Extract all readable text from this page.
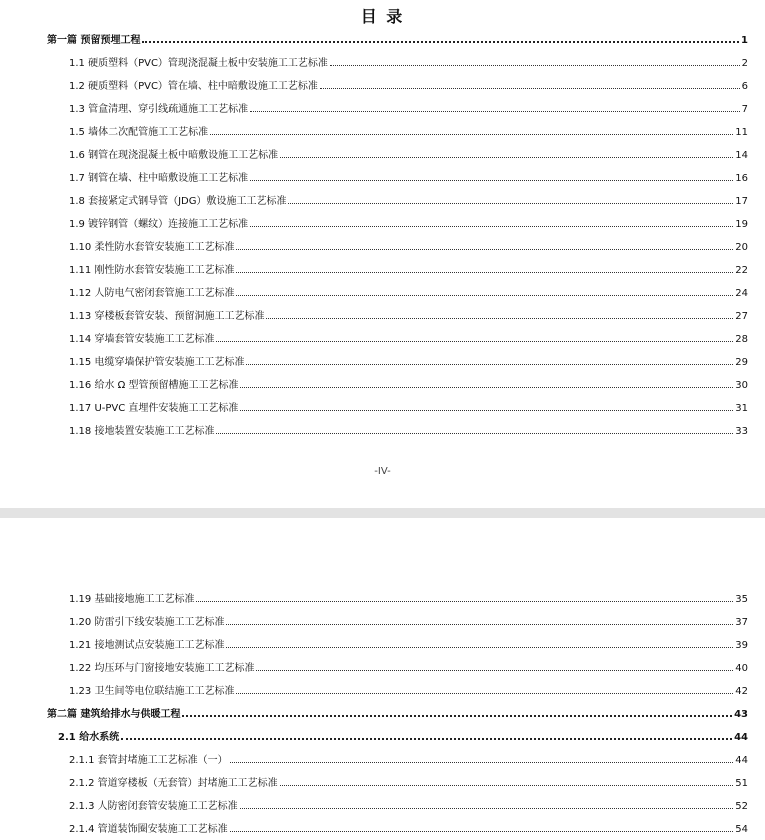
目 录
第一篇 预留预埋工程	1
1.1 硬质塑料（PVC）管现浇混凝土板中安装施工工艺标准	2
1.2 硬质塑料（PVC）管在墙、柱中暗敷设施工工艺标准	6
1.3 管盒清理、穿引线疏通施工工艺标准	7
1.5 墙体二次配管施工工艺标准	11
1.6 钢管在现浇混凝土板中暗敷设施工工艺标准	14
1.7 钢管在墙、柱中暗敷设施工工艺标准	16
1.8 套接紧定式钢导管（JDG）敷设施工工艺标准	17
1.9 镀锌钢管（螺纹）连接施工工艺标准	19
1.10 柔性防水套管安装施工工艺标准	20
1.11 刚性防水套管安装施工工艺标准	22
1.12 人防电气密闭套管施工工艺标准	24
1.13 穿楼板套管安装、预留洞施工工艺标准	27
1.14 穿墙套管安装施工工艺标准	28
1.15 电缆穿墙保护管安装施工工艺标准	29
1.16 给水 Ω 型管预留槽施工工艺标准	30
1.17 U-PVC 直埋件安装施工工艺标准	31
1.18 接地装置安装施工工艺标准	33
-IV-
1.19 基础接地施工工艺标准	35
1.20 防雷引下线安装施工工艺标准	37
1.21 接地测试点安装施工工艺标准	39
1.22 均压环与门窗接地安装施工工艺标准	40
1.23 卫生间等电位联结施工工艺标准	42
第二篇 建筑给排水与供暖工程	43
2.1 给水系统	44
2.1.1 套管封堵施工工艺标准（一）	44
2.1.2 管道穿楼板（无套管）封堵施工工艺标准	51
2.1.3 人防密闭套管安装施工工艺标准	52
2.1.4 管道装饰圈安装施工工艺标准	54
